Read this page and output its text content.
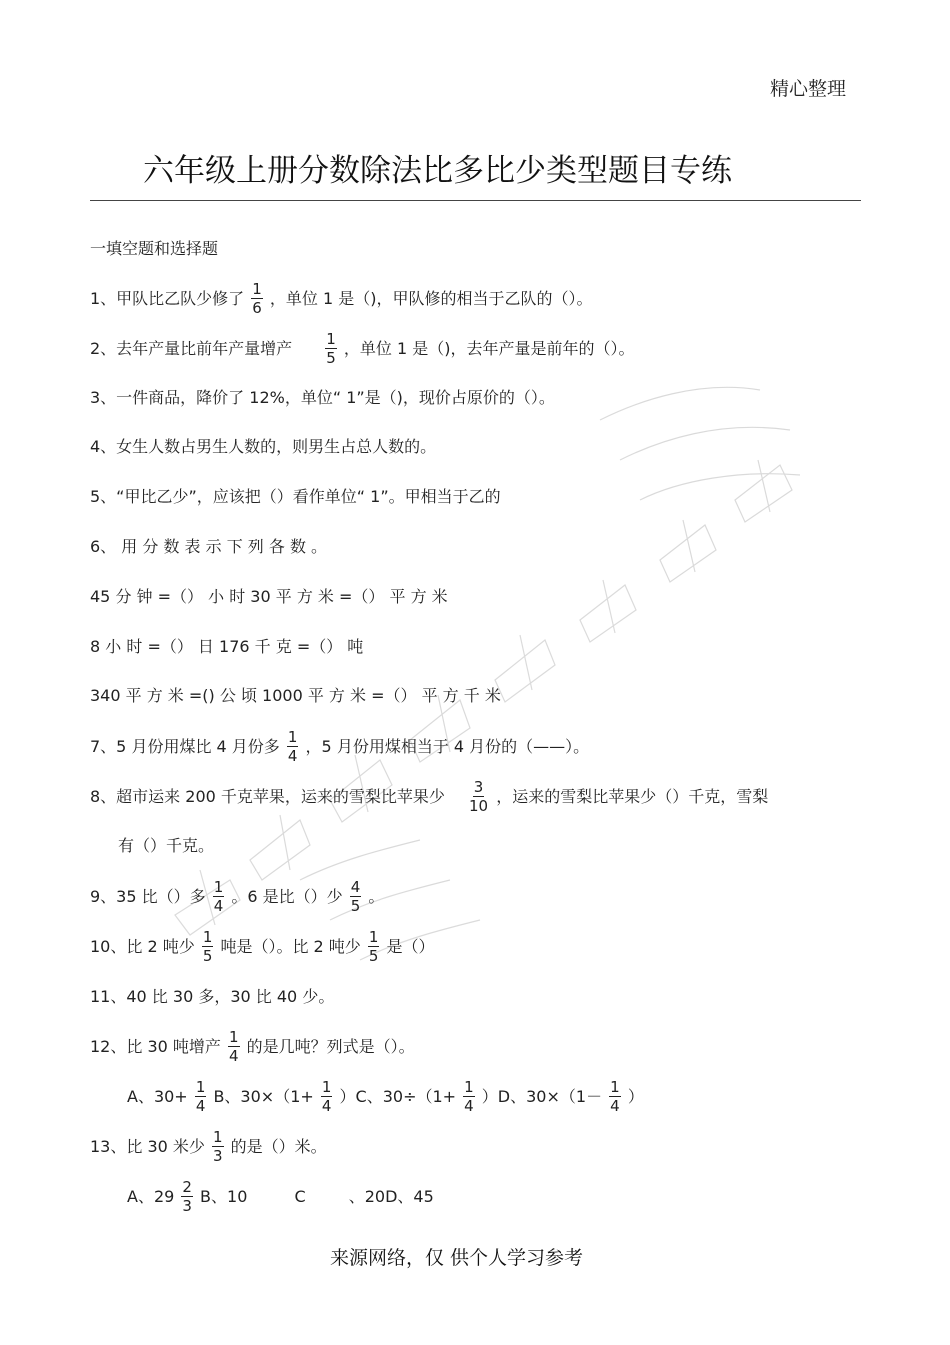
精心整理
六年级上册分数除法比多比少类型题目专练
一填空题和选择题
1、甲队比乙队少修了 $\frac{1}{6}$ ，单位 1 是（)，甲队修的相当于乙队的（）。
2、去年产量比前年产量增产 $\frac{1}{5}$ ，单位 1 是（)，去年产量是前年的（）。
3、一件商品，降价了 12%，单位“ 1”是（)，现价占原价的（）。
4、女生人数占男生人数的，则男生占总人数的。
5、“甲比乙少”，应该把（）看作单位“ 1”。甲相当于乙的
6、 用 分 数 表 示 下 列 各 数 。
45 分 钟 =（） 小 时 30 平 方 米 =（） 平 方 米
8 小 时 =（） 日 176 千 克 =（） 吨
340 平 方 米 =() 公 顷 1000 平 方 米 =（） 平 方 千 米
7、5 月份用煤比 4 月份多 $\frac{1}{4}$ ，5 月份用煤相当于 4 月份的（——）。
8、超市运来 200 千克苹果，运来的雪梨比苹果少 $\frac{3}{10}$ ，运来的雪梨比苹果少（）千克，雪梨
有（）千克。
9、35 比（）多 $\frac{1}{4}$ 。6 是比（）少 $\frac{4}{5}$ 。
10、比 2 吨少 $\frac{1}{5}$ 吨是（）。比 2 吨少 $\frac{1}{5}$ 是（）
11、40 比 30 多，30 比 40 少。
12、比 30 吨增产 $\frac{1}{4}$ 的是几吨？列式是（）。
A、$30+ \frac{1}{4}$ B、$30\times(1+ \frac{1}{4} )C$、$30\div(1+ \frac{1}{4} )D$、$30\times(1- \frac{1}{4}$ ）
13、比 30 米少 $\frac{1}{3}$ 的是（）米。
A、$29 \frac{2}{3}$ B、10	C	、20D、45
来源网络，仅 供个人学习参考
